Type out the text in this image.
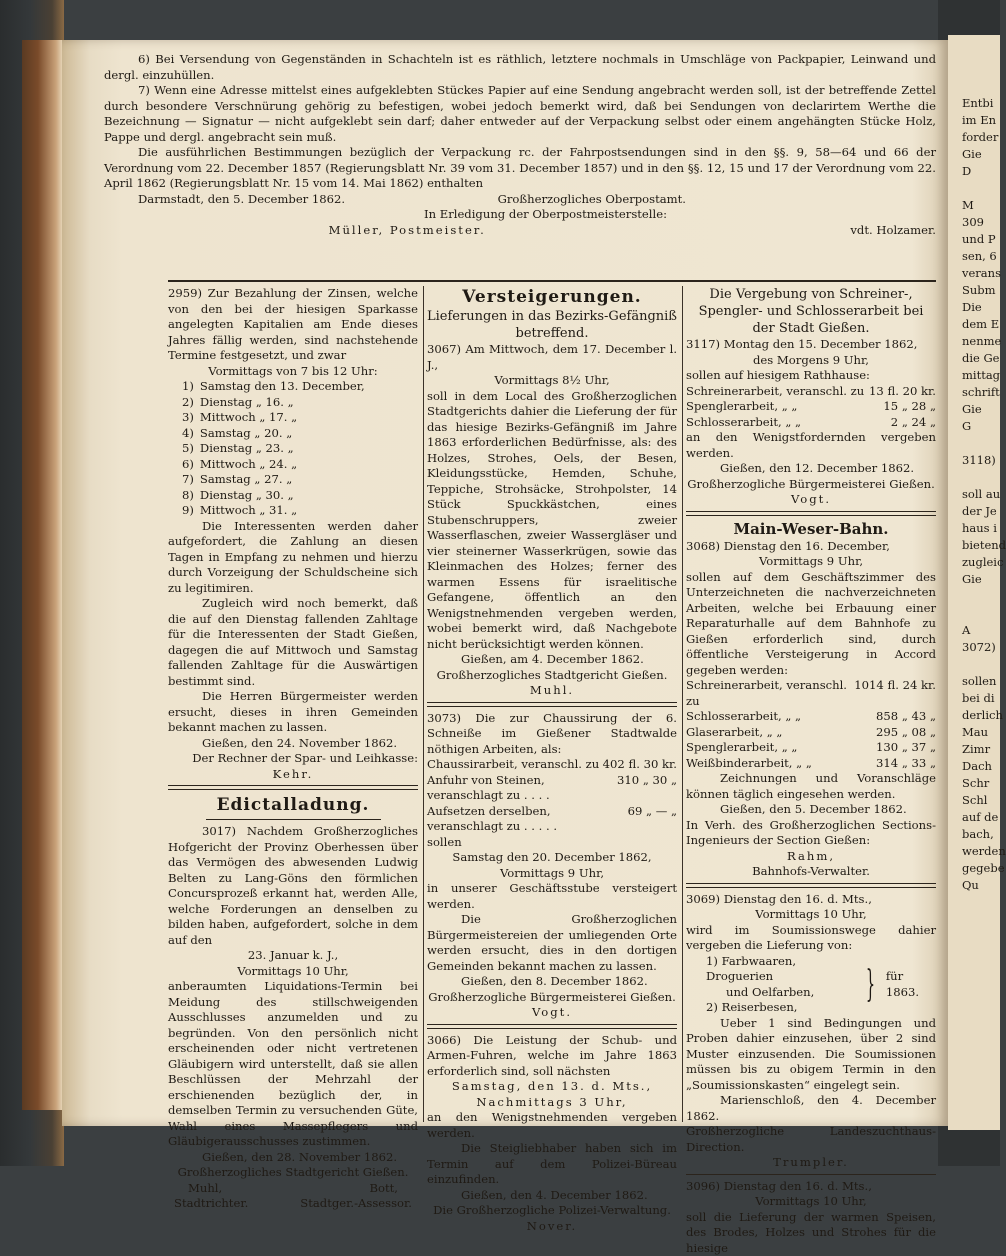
Entbi

im En

forder

Gie

D

M

309

und P

sen, 6

verans

Subm

Die

dem E

nenme

die Ge

mittag

schrift

Gie

G

3118)

soll au

der Je

haus i

bietend

zugleic

Gie

A

3072)

sollen

bei di

derlich

Mau

Zimr

Dach

Schr

Schl

auf de

bach,

werden

gegebe

Qu

6) Bei Versendung von Gegenständen in Schachteln ist es räthlich, letztere nochmals in Umschläge von Packpapier, Leinwand und dergl. einzuhüllen.

7) Wenn eine Adresse mittelst eines aufgeklebten Stückes Papier auf eine Sendung angebracht werden soll, ist der betreffende Zettel durch besondere Verschnürung gehörig zu befestigen, wobei jedoch bemerkt wird, daß bei Sendungen von declarirtem Werthe die Bezeichnung — Signatur — nicht aufgeklebt sein darf; daher entweder auf der Verpackung selbst oder einem angehängten Stücke Holz, Pappe und dergl. angebracht sein muß.

Die ausführlichen Bestimmungen bezüglich der Verpackung rc. der Fahrpostsendungen sind in den §§. 9, 58—64 und 66 der Verordnung vom 22. December 1857 (Regierungsblatt Nr. 39 vom 31. December 1857) und in den §§. 12, 15 und 17 der Verordnung vom 22. April 1862 (Regierungsblatt Nr. 15 vom 14. Mai 1862) enthalten

Darmstadt, den 5. December 1862.	Großherzogliches Oberpostamt.
In Erledigung der Oberpostmeisterstelle:
Müller, Postmeister.	vdt. Holzamer.

2959) Zur Bezahlung der Zinsen, welche von den bei der hiesigen Sparkasse angelegten Kapitalien am Ende dieses Jahres fällig werden, sind nachstehende Termine festgesetzt, und zwar

Vormittags von 7 bis 12 Uhr:

1) Samstag den 13. December,
2) Dienstag „ 16. „
3) Mittwoch „ 17. „
4) Samstag „ 20. „
5) Dienstag „ 23. „
6) Mittwoch „ 24. „
7) Samstag „ 27. „
8) Dienstag „ 30. „
9) Mittwoch „ 31. „

Die Interessenten werden daher aufgefordert, die Zahlung an diesen Tagen in Empfang zu nehmen und hierzu durch Vorzeigung der Schuldscheine sich zu legitimiren.

Zugleich wird noch bemerkt, daß die auf den Dienstag fallenden Zahltage für die Interessenten der Stadt Gießen, dagegen die auf Mittwoch und Samstag fallenden Zahltage für die Auswärtigen bestimmt sind.

Die Herren Bürgermeister werden ersucht, dieses in ihren Gemeinden bekannt machen zu lassen.

Gießen, den 24. November 1862.

Der Rechner der Spar- und Leihkasse:

Kehr.

Edictalladung.

3017) Nachdem Großherzogliches Hofgericht der Provinz Oberhessen über das Vermögen des abwesenden Ludwig Belten zu Lang-Göns den förmlichen Concursprozeß erkannt hat, werden Alle, welche Forderungen an denselben zu bilden haben, aufgefordert, solche in dem auf den

23. Januar k. J.,

Vormittags 10 Uhr,

anberaumten Liquidations-Termin bei Meidung des stillschweigenden Ausschlusses anzumelden und zu begründen. Von den persönlich nicht erscheinenden oder nicht vertretenen Gläubigern wird unterstellt, daß sie allen Beschlüssen der Mehrzahl der erschienenden bezüglich der, in demselben Termin zu versuchenden Güte, Wahl eines Massepflegers und Gläubigerausschusses zustimmen.

Gießen, den 28. November 1862.

Großherzogliches Stadtgericht Gießen.

Muhl,	Bott,
Stadtrichter.	Stadtger.-Assessor.

Versteigerungen.

Lieferungen in das Bezirks-Gefängniß betreffend.

3067) Am Mittwoch, dem 17. December l. J.,

Vormittags 8½ Uhr,

soll in dem Local des Großherzoglichen Stadtgerichts dahier die Lieferung der für das hiesige Bezirks-Gefängniß im Jahre 1863 erforderlichen Bedürfnisse, als: des Holzes, Strohes, Oels, der Besen, Kleidungsstücke, Hemden, Schuhe, Teppiche, Strohsäcke, Strohpolster, 14 Stück Spuckkästchen, eines Stubenschruppers, zweier Wasserflaschen, zweier Wassergläser und vier steinerner Wasserkrügen, sowie das Kleinmachen des Holzes; ferner des warmen Essens für israelitische Gefangene, öffentlich an den Wenigstnehmenden vergeben werden, wobei bemerkt wird, daß Nachgebote nicht berücksichtigt werden können.

Gießen, am 4. December 1862.

Großherzogliches Stadtgericht Gießen.

Muhl.

3073) Die zur Chaussirung der 6. Schneiße im Gießener Stadtwalde nöthigen Arbeiten, als:

Chaussirarbeit, veranschl. zu 402 fl. 30 kr.
Anfuhr von Steinen, veranschlagt zu . . . .
310 „ 30 „
Aufsetzen derselben, veranschlagt zu . . . . .
69 „ — „

sollen

Samstag den 20. December 1862,

Vormittags 9 Uhr,

in unserer Geschäftsstube versteigert werden.

Die Großherzoglichen Bürgermeistereien der umliegenden Orte werden ersucht, dies in den dortigen Gemeinden bekannt machen zu lassen.

Gießen, den 8. December 1862.

Großherzogliche Bürgermeisterei Gießen.

Vogt.

3066) Die Leistung der Schub- und Armen-Fuhren, welche im Jahre 1863 erforderlich sind, soll nächsten

Samstag, den 13. d. Mts.,

Nachmittags 3 Uhr,

an den Wenigstnehmenden vergeben werden.

Die Steigliebhaber haben sich im Termin auf dem Polizei-Büreau einzufinden.

Gießen, den 4. December 1862.

Die Großherzogliche Polizei-Verwaltung.

Nover.

Die Vergebung von Schreiner-, Spengler- und Schlosserarbeit bei der Stadt Gießen.

3117) Montag den 15. December 1862,

des Morgens 9 Uhr,

sollen auf hiesigem Rathhause:

Schreinerarbeit, veranschl. zu 13 fl. 20 kr.
Spenglerarbeit, „ „	15 „ 28 „
Schlosserarbeit, „ „	2 „ 24 „

an den Wenigstfordernden vergeben werden.

Gießen, den 12. December 1862.

Großherzogliche Bürgermeisterei Gießen.

Vogt.

Main-Weser-Bahn.

3068) Dienstag den 16. December,

Vormittags 9 Uhr,

sollen auf dem Geschäftszimmer des Unterzeichneten die nachverzeichneten Arbeiten, welche bei Erbauung einer Reparaturhalle auf dem Bahnhofe zu Gießen erforderlich sind, durch öffentliche Versteigerung in Accord gegeben werden:

Schreinerarbeit, veranschl. zu
1014 fl. 24 kr.
Schlosserarbeit, „ „	858 „ 43 „
Glaserarbeit, „ „	295 „ 08 „
Spenglerarbeit, „ „	130 „ 37 „
Weißbinderarbeit, „ „	314 „ 33 „

Zeichnungen und Voranschläge können täglich eingesehen werden.

Gießen, den 5. December 1862.

In Verh. des Großherzoglichen Sections-Ingenieurs der Section Gießen:

Rahm,

Bahnhofs-Verwalter.

3069) Dienstag den 16. d. Mts.,

Vormittags 10 Uhr,

wird im Soumissionswege dahier vergeben die Lieferung von:

1) Farbwaaren, Droguerien
und Oelfarben,
2) Reiserbesen,
} für 1863.

Ueber 1 sind Bedingungen und Proben dahier einzusehen, über 2 sind Muster einzusenden. Die Soumissionen müssen bis zu obigem Termin in den „Soumissionskasten“ eingelegt sein.

Marienschloß, den 4. December 1862.

Großherzogliche Landeszuchthaus-Direction.

Trumpler.

3096) Dienstag den 16. d. Mts.,

Vormittags 10 Uhr,

soll die Lieferung der warmen Speisen, des Brodes, Holzes und Strohes für die hiesige
